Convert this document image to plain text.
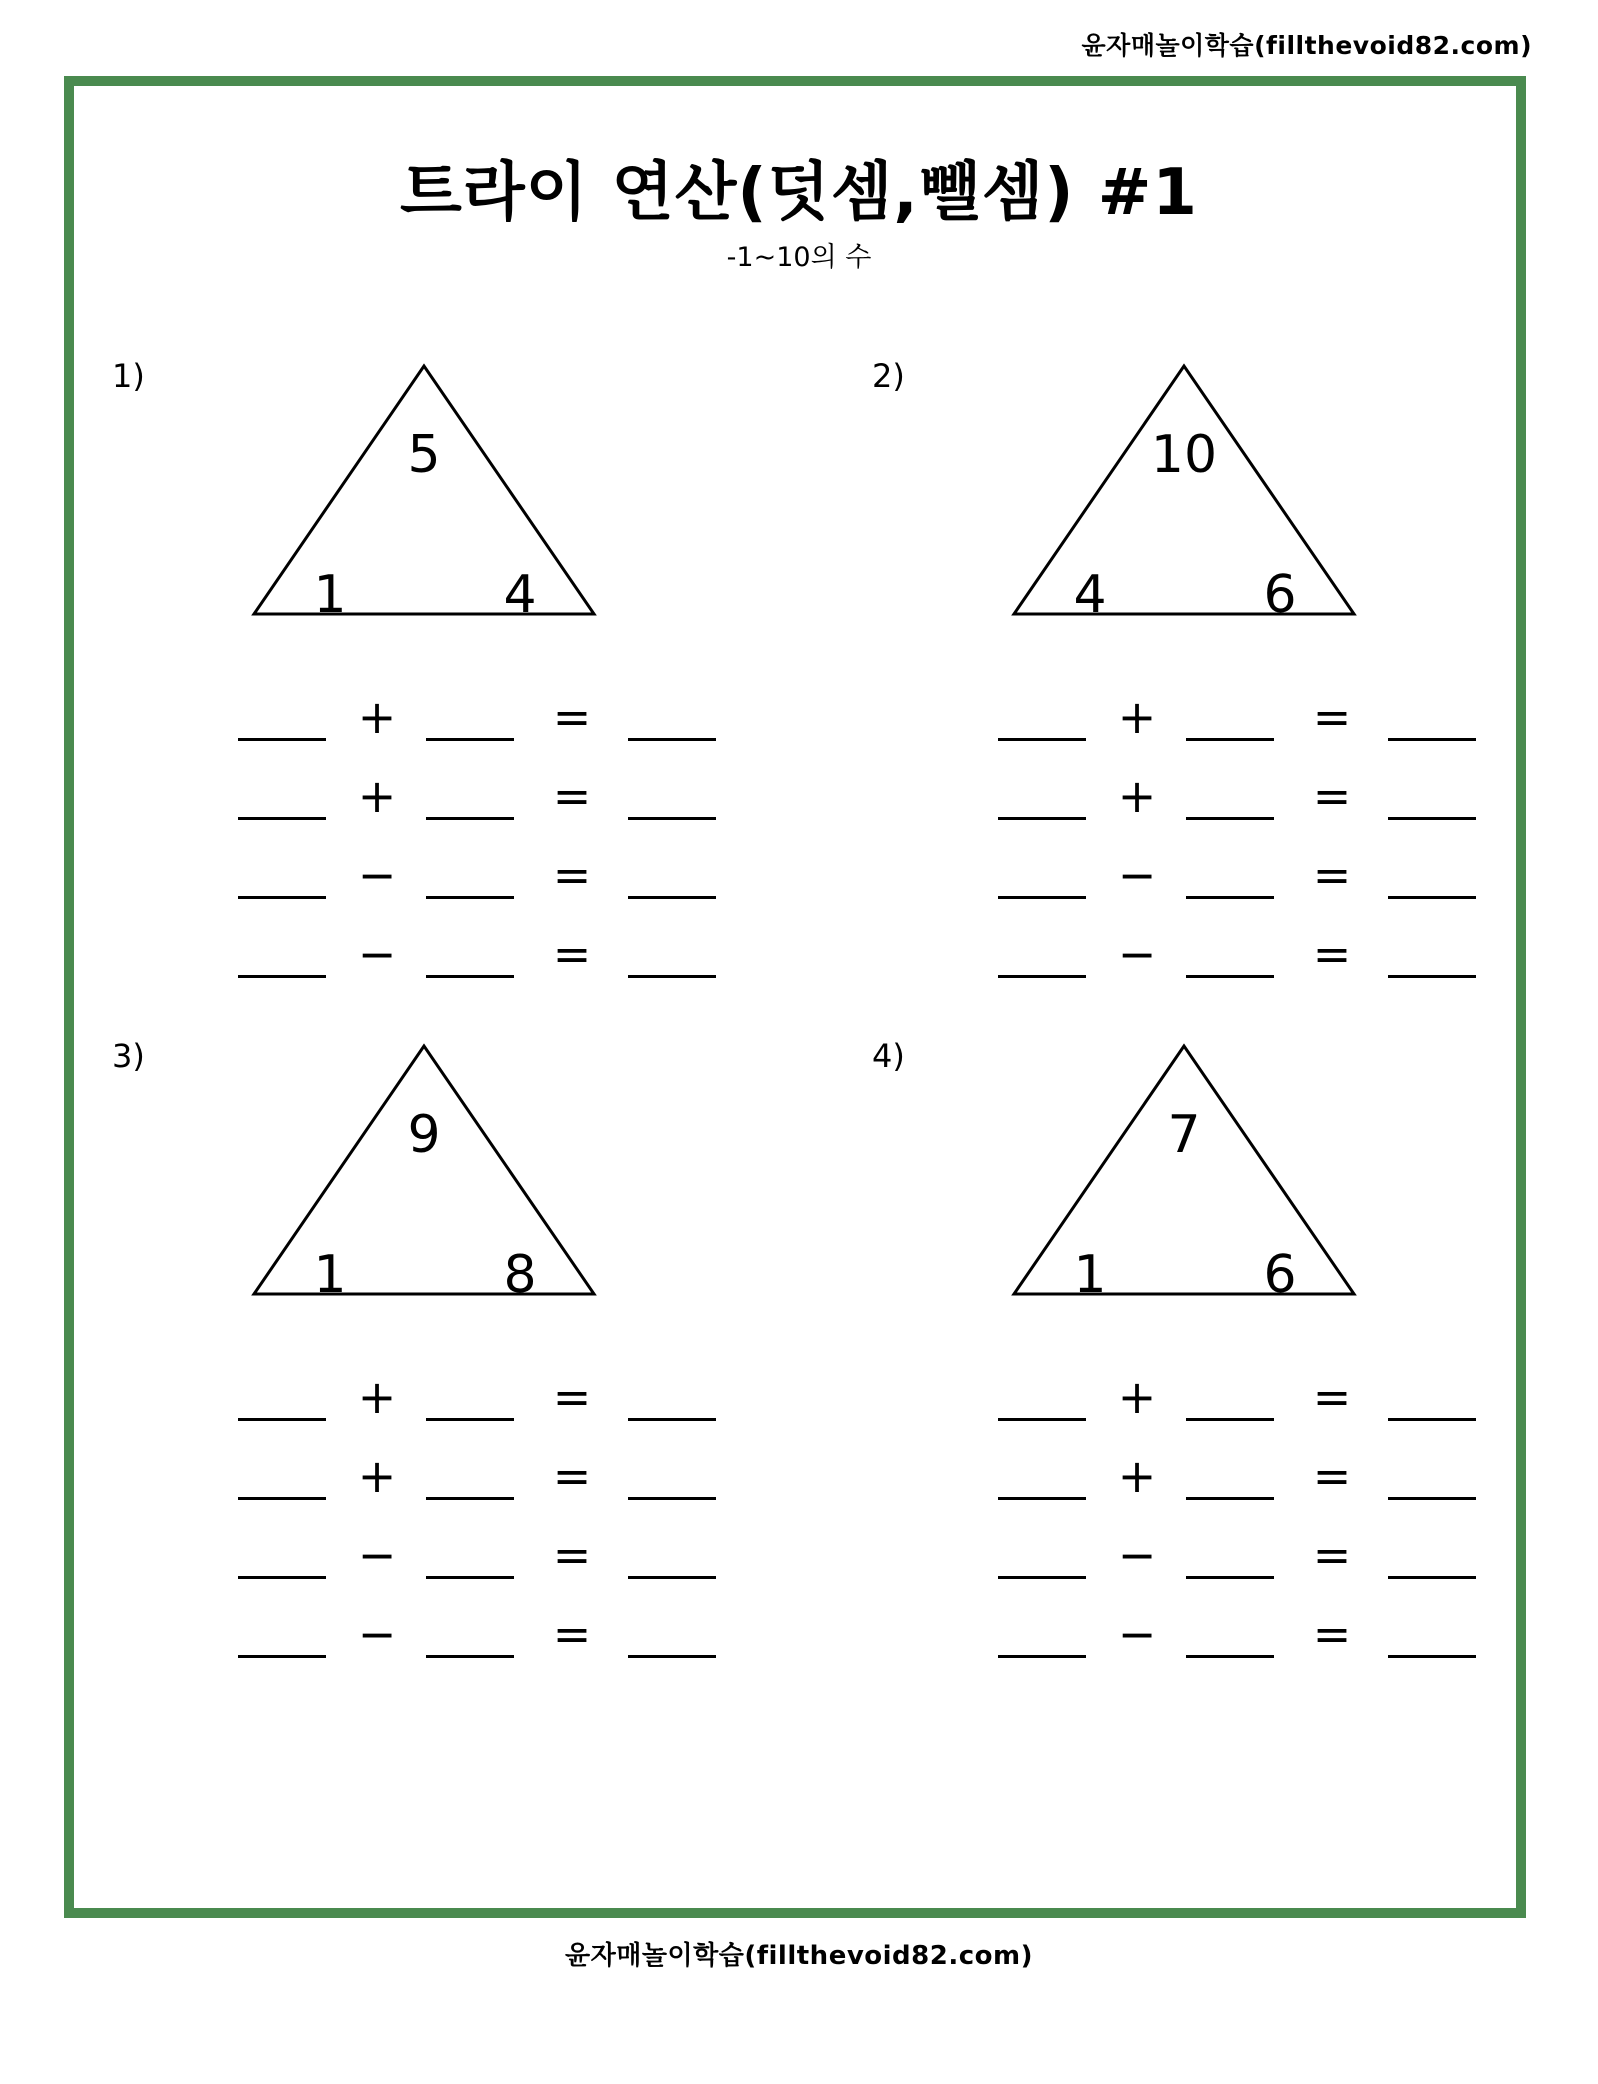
윤자매놀이학습(fillthevoid82.com)
트라이 연산(덧셈,뺄셈) #1
-1~10의 수
1)
5
1	4
+	=
+	=
−	=
−	=
2)
10
4	6
+	=
+	=
−	=
−	=
3)
9
1	8
+	=
+	=
−	=
−	=
4)
7
1	6
+	=
+	=
−	=
−	=
윤자매놀이학습(fillthevoid82.com)
